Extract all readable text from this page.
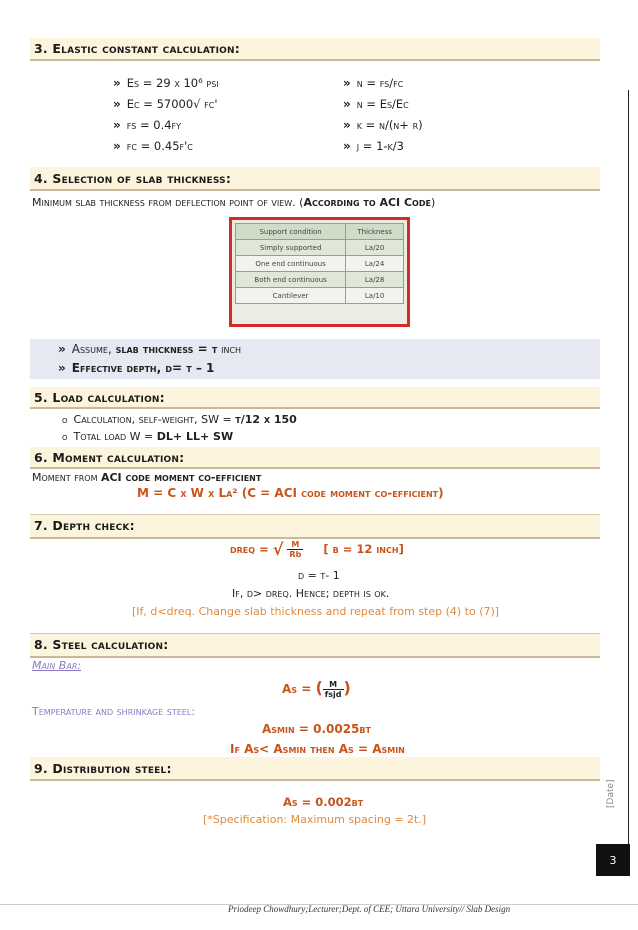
3. Elastic constant calculation:
» Es = 29 x 10⁶ psi
» Ec = 57000√ fc'
» fs = 0.4fy
» fc = 0.45f'c
» n = fs/fc
» n = Es/Ec
» k = n/(n+ r)
» j = 1-k/3
4. Selection of slab thickness:
Minimum slab thickness from deflection point of view. (According to ACI Code)
Support condition	Thickness
Simply supported	La/20
One end continuous	La/24
Both end continuous	La/28
Cantilever	La/10
» Assume, slab thickness = t inch
» Effective depth, d= t – 1
5. Load calculation:
o Calculation, self-weight, SW = t/12 x 150
o Total load W = DL+ LL+ SW
6. Moment calculation:
Moment from ACI code moment co-efficient
M = C x W x La² (C = ACI code moment co-efficient)
7. Depth check:
dreq = √ $\frac{M}{Rb}$ [ b = 12 inch]
d = t- 1
If, d> dreq. Hence; depth is ok.
[If, d<dreq. Change slab thickness and repeat from step (4) to (7)]
8. Steel calculation:
Main Bar:
As = ( $\frac{M}{\text{fsjd}}$ )
Temperature and shrinkage steel:
Asmin = 0.0025bt
If As< Asmin then As = Asmin
9. Distribution steel:
As = 0.002bt
[*Specification: Maximum spacing = 2t.]
[Date]
3
Priodeep Chowdhury;Lecturer;Dept. of CEE; Uttara University// Slab Design
